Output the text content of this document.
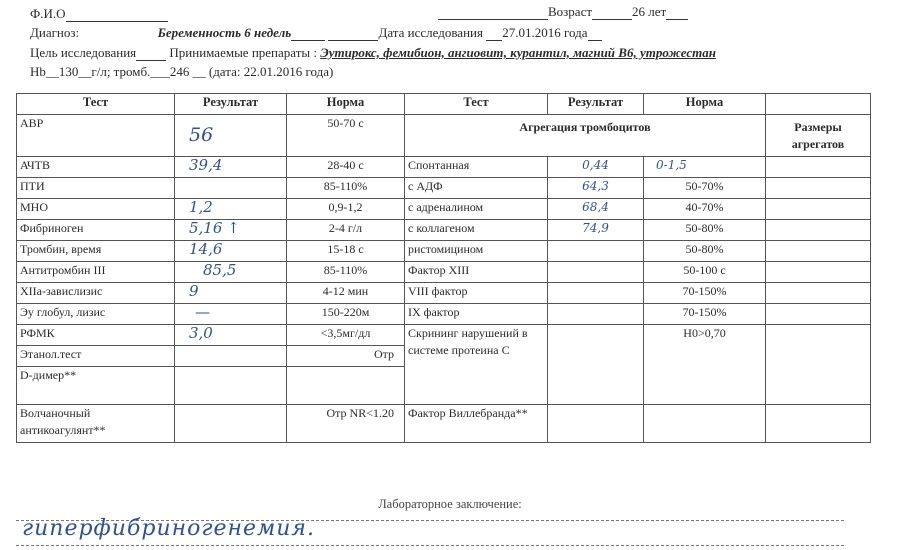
Ф.И.О	Возраст	26 лет
Диагноз:	Беременность 6 недель	Дата исследования 27.01.2016 года
Цель исследования	Принимаемые препараты : Эутирокс, фемибион, ангиовит, курантил, магний В6, утрожестан
Hb__130__г/л; тромб.___246 __ (дата: 22.01.2016 года)
Тест	Результат	Норма	Тест	Результат	Норма	
АВР	56	50-70 с	Агрегация тромбоцитов			Размеры агрегатов
АЧТВ	39,4	28-40 с	Спонтанная	0,44	0-1,5	
ПТИ		85-110%	с АДФ	64,3	50-70%	
МНО	1,2	0,9-1,2	с адреналином	68,4	40-70%	
Фибриноген	5,16 ↑	2-4 г/л	с коллагеном	74,9	50-80%	
Тромбин, время	14,6	15-18 с	ристомицином		50-80%	
Антитромбин III	85,5	85-110%	Фактор ХIII		50-100 с	
ХІІа-завислизис	9	4-12 мин	VIII фактор		70-150%	
Эу глобул, лизис	—	150-220м	IX фактор		70-150%	
РФМК	3,0	<3,5мг/дл	Скрининг нарушений в системе протеина С		Н0>0,70	
Этанол.тест		Отр				
D-димер**						
Волчаночный антикоагулянт**		Отр NR<1.20	Фактор Виллебранда**			
Лабораторное заключение:
гиперфибриногенемия.
